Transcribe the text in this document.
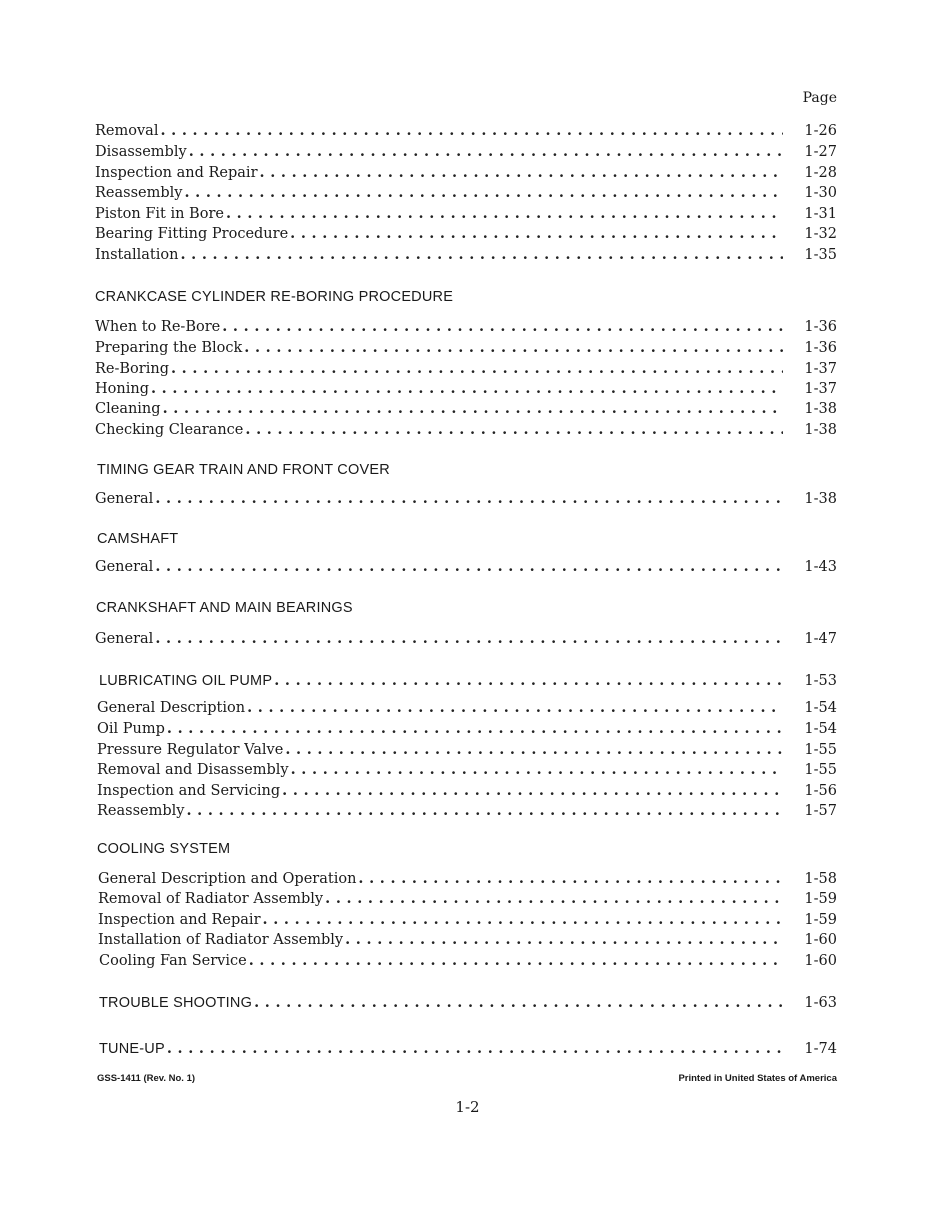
Page
Removal . . .	1-26
Disassembly . . .	1-27
Inspection and Repair . . .	1-28
Reassembly . . .	1-30
Piston Fit in Bore . . .	1-31
Bearing Fitting Procedure . . .	1-32
Installation . . .	1-35
CRANKCASE CYLINDER RE-BORING PROCEDURE
When to Re-Bore . . .	1-36
Preparing the Block . . .	1-36
Re-Boring . . .	1-37
Honing . . .	1-37
Cleaning . . .	1-38
Checking Clearance . . .	1-38
TIMING GEAR TRAIN AND FRONT COVER
General . . .	1-38
CAMSHAFT
General . . .	1-43
CRANKSHAFT AND MAIN BEARINGS
General . . .	1-47
LUBRICATING OIL PUMP . . .	1-53
General Description . . .	1-54
Oil Pump . . .	1-54
Pressure Regulator Valve . . .	1-55
Removal and Disassembly . . .	1-55
Inspection and Servicing . . .	1-56
Reassembly . . .	1-57
COOLING SYSTEM
General Description and Operation . . .	1-58
Removal of Radiator Assembly . . .	1-59
Inspection and Repair . . .	1-59
Installation of Radiator Assembly . . .	1-60
Cooling Fan Service . . .	1-60
TROUBLE SHOOTING . . .	1-63
TUNE-UP . . .	1-74
GSS-1411 (Rev. No. 1)	Printed in United States of America
1-2
